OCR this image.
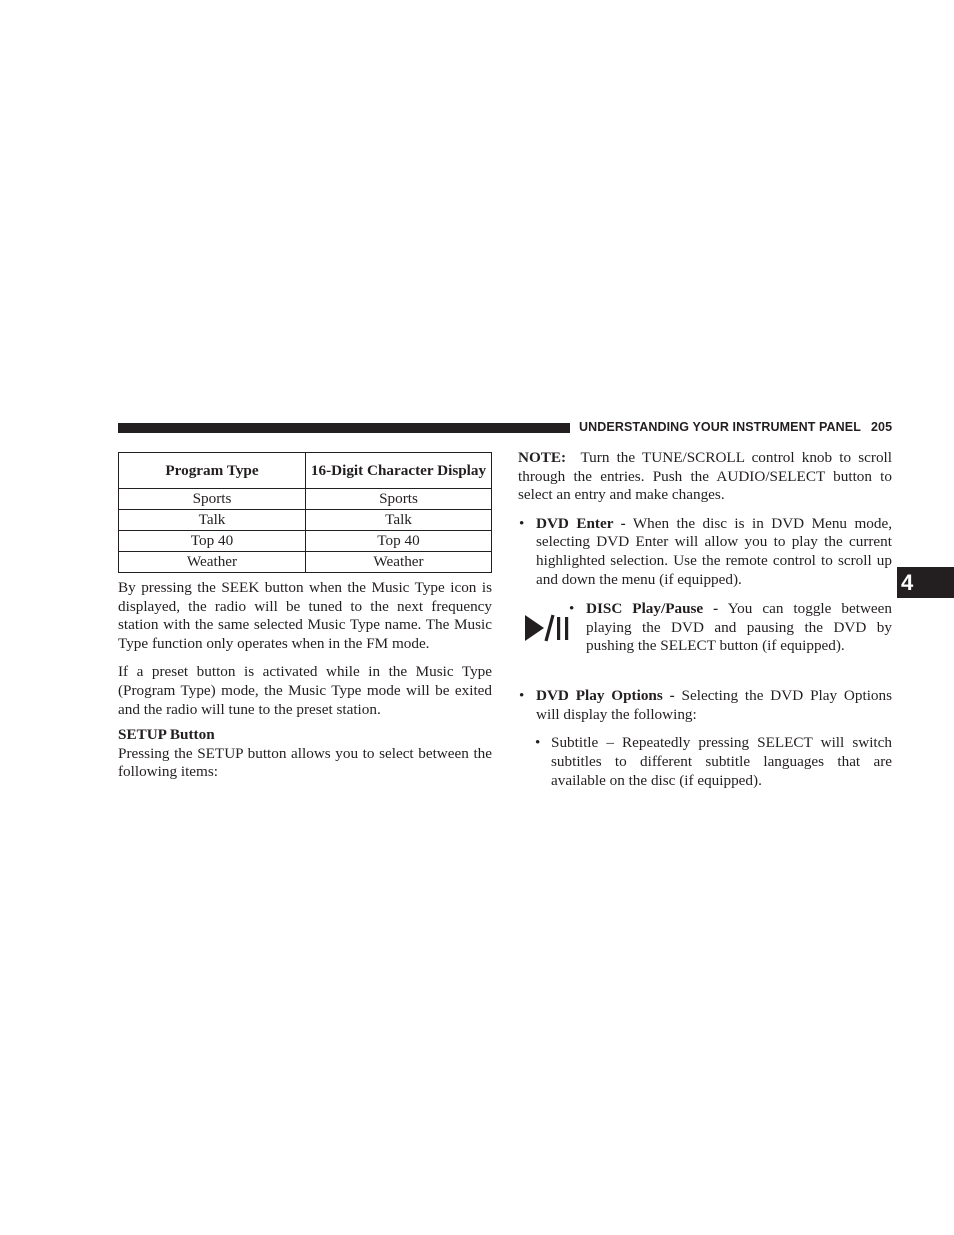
UNDERSTANDING YOUR INSTRUMENT PANEL 205
4
Program Type	16-Digit Character Display
Sports	Sports
Talk	Talk
Top 40	Top 40
Weather	Weather

By pressing the SEEK button when the Music Type icon is displayed, the radio will be tuned to the next frequency station with the same selected Music Type name. The Music Type function only operates when in the FM mode.

If a preset button is activated while in the Music Type (Program Type) mode, the Music Type mode will be exited and the radio will tune to the preset station.

SETUP Button

Pressing the SETUP button allows you to select between the following items:

NOTE: Turn the TUNE/SCROLL control knob to scroll through the entries. Push the AUDIO/SELECT button to select an entry and make changes.

• DVD Enter - When the disc is in DVD Menu mode, selecting DVD Enter will allow you to play the current highlighted selection. Use the remote control to scroll up and down the menu (if equipped).

• DISC Play/Pause - You can toggle between playing the DVD and pausing the DVD by pushing the SELECT button (if equipped).

• DVD Play Options - Selecting the DVD Play Options will display the following:
• Subtitle – Repeatedly pressing SELECT will switch subtitles to different subtitle languages that are available on the disc (if equipped).
